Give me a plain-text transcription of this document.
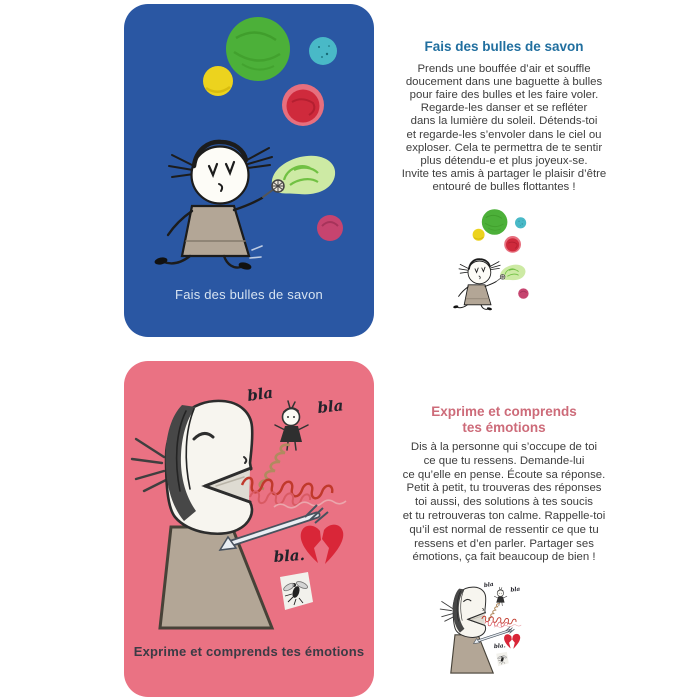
Fais des bulles de savon
Exprime et comprends tes émotions
Fais des bulles de savon
Prends une bouffée d’air et souffle
doucement dans une baguette à bulles
pour faire des bulles et les faire voler.
Regarde-les danser et se refléter
dans la lumière du soleil. Détends-toi
et regarde-les s’envoler dans le ciel ou
exploser. Cela te permettra de te sentir
plus détendu-e et plus joyeux-se.
Invite tes amis à partager le plaisir d’être
entouré de bulles flottantes !
Exprime et comprends
tes émotions
Dis à la personne qui s’occupe de toi
ce que tu ressens. Demande-lui
ce qu’elle en pense. Écoute sa réponse.
Petit à petit, tu trouveras des réponses
toi aussi, des solutions à tes soucis
et tu retrouveras ton calme. Rappelle-toi
qu’il est normal de ressentir ce que tu
ressens et d’en parler. Partager ses
émotions, ça fait beaucoup de bien !
